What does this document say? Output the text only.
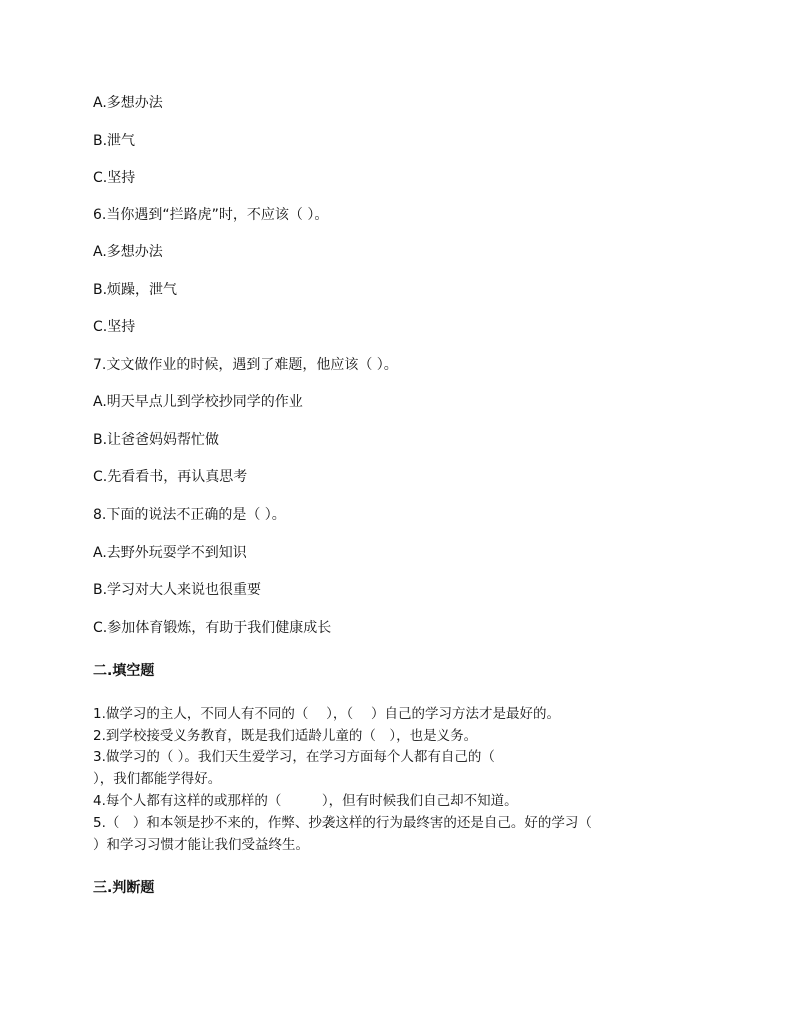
A.多想办法
B.泄气
C.坚持
6.当你遇到“拦路虎”时，不应该（ ）。
A.多想办法
B.烦躁，泄气
C.坚持
7.文文做作业的时候，遇到了难题，他应该（ ）。
A.明天早点儿到学校抄同学的作业
B.让爸爸妈妈帮忙做
C.先看看书，再认真思考
8.下面的说法不正确的是（ ）。
A.去野外玩耍学不到知识
B.学习对大人来说也很重要
C.参加体育锻炼，有助于我们健康成长
二.填空题
1.做学习的主人，不同人有不同的（　 ），（　 ）自己的学习方法才是最好的。
2.到学校接受义务教育，既是我们适龄儿童的（　），也是义务。
3.做学习的（ ）。我们天生爱学习，在学习方面每个人都有自己的（
），我们都能学得好。
4.每个人都有这样的或那样的（　　　），但有时候我们自己却不知道。
5.（　）和本领是抄不来的，作弊、抄袭这样的行为最终害的还是自己。好的学习（
）和学习习惯才能让我们受益终生。
三.判断题
